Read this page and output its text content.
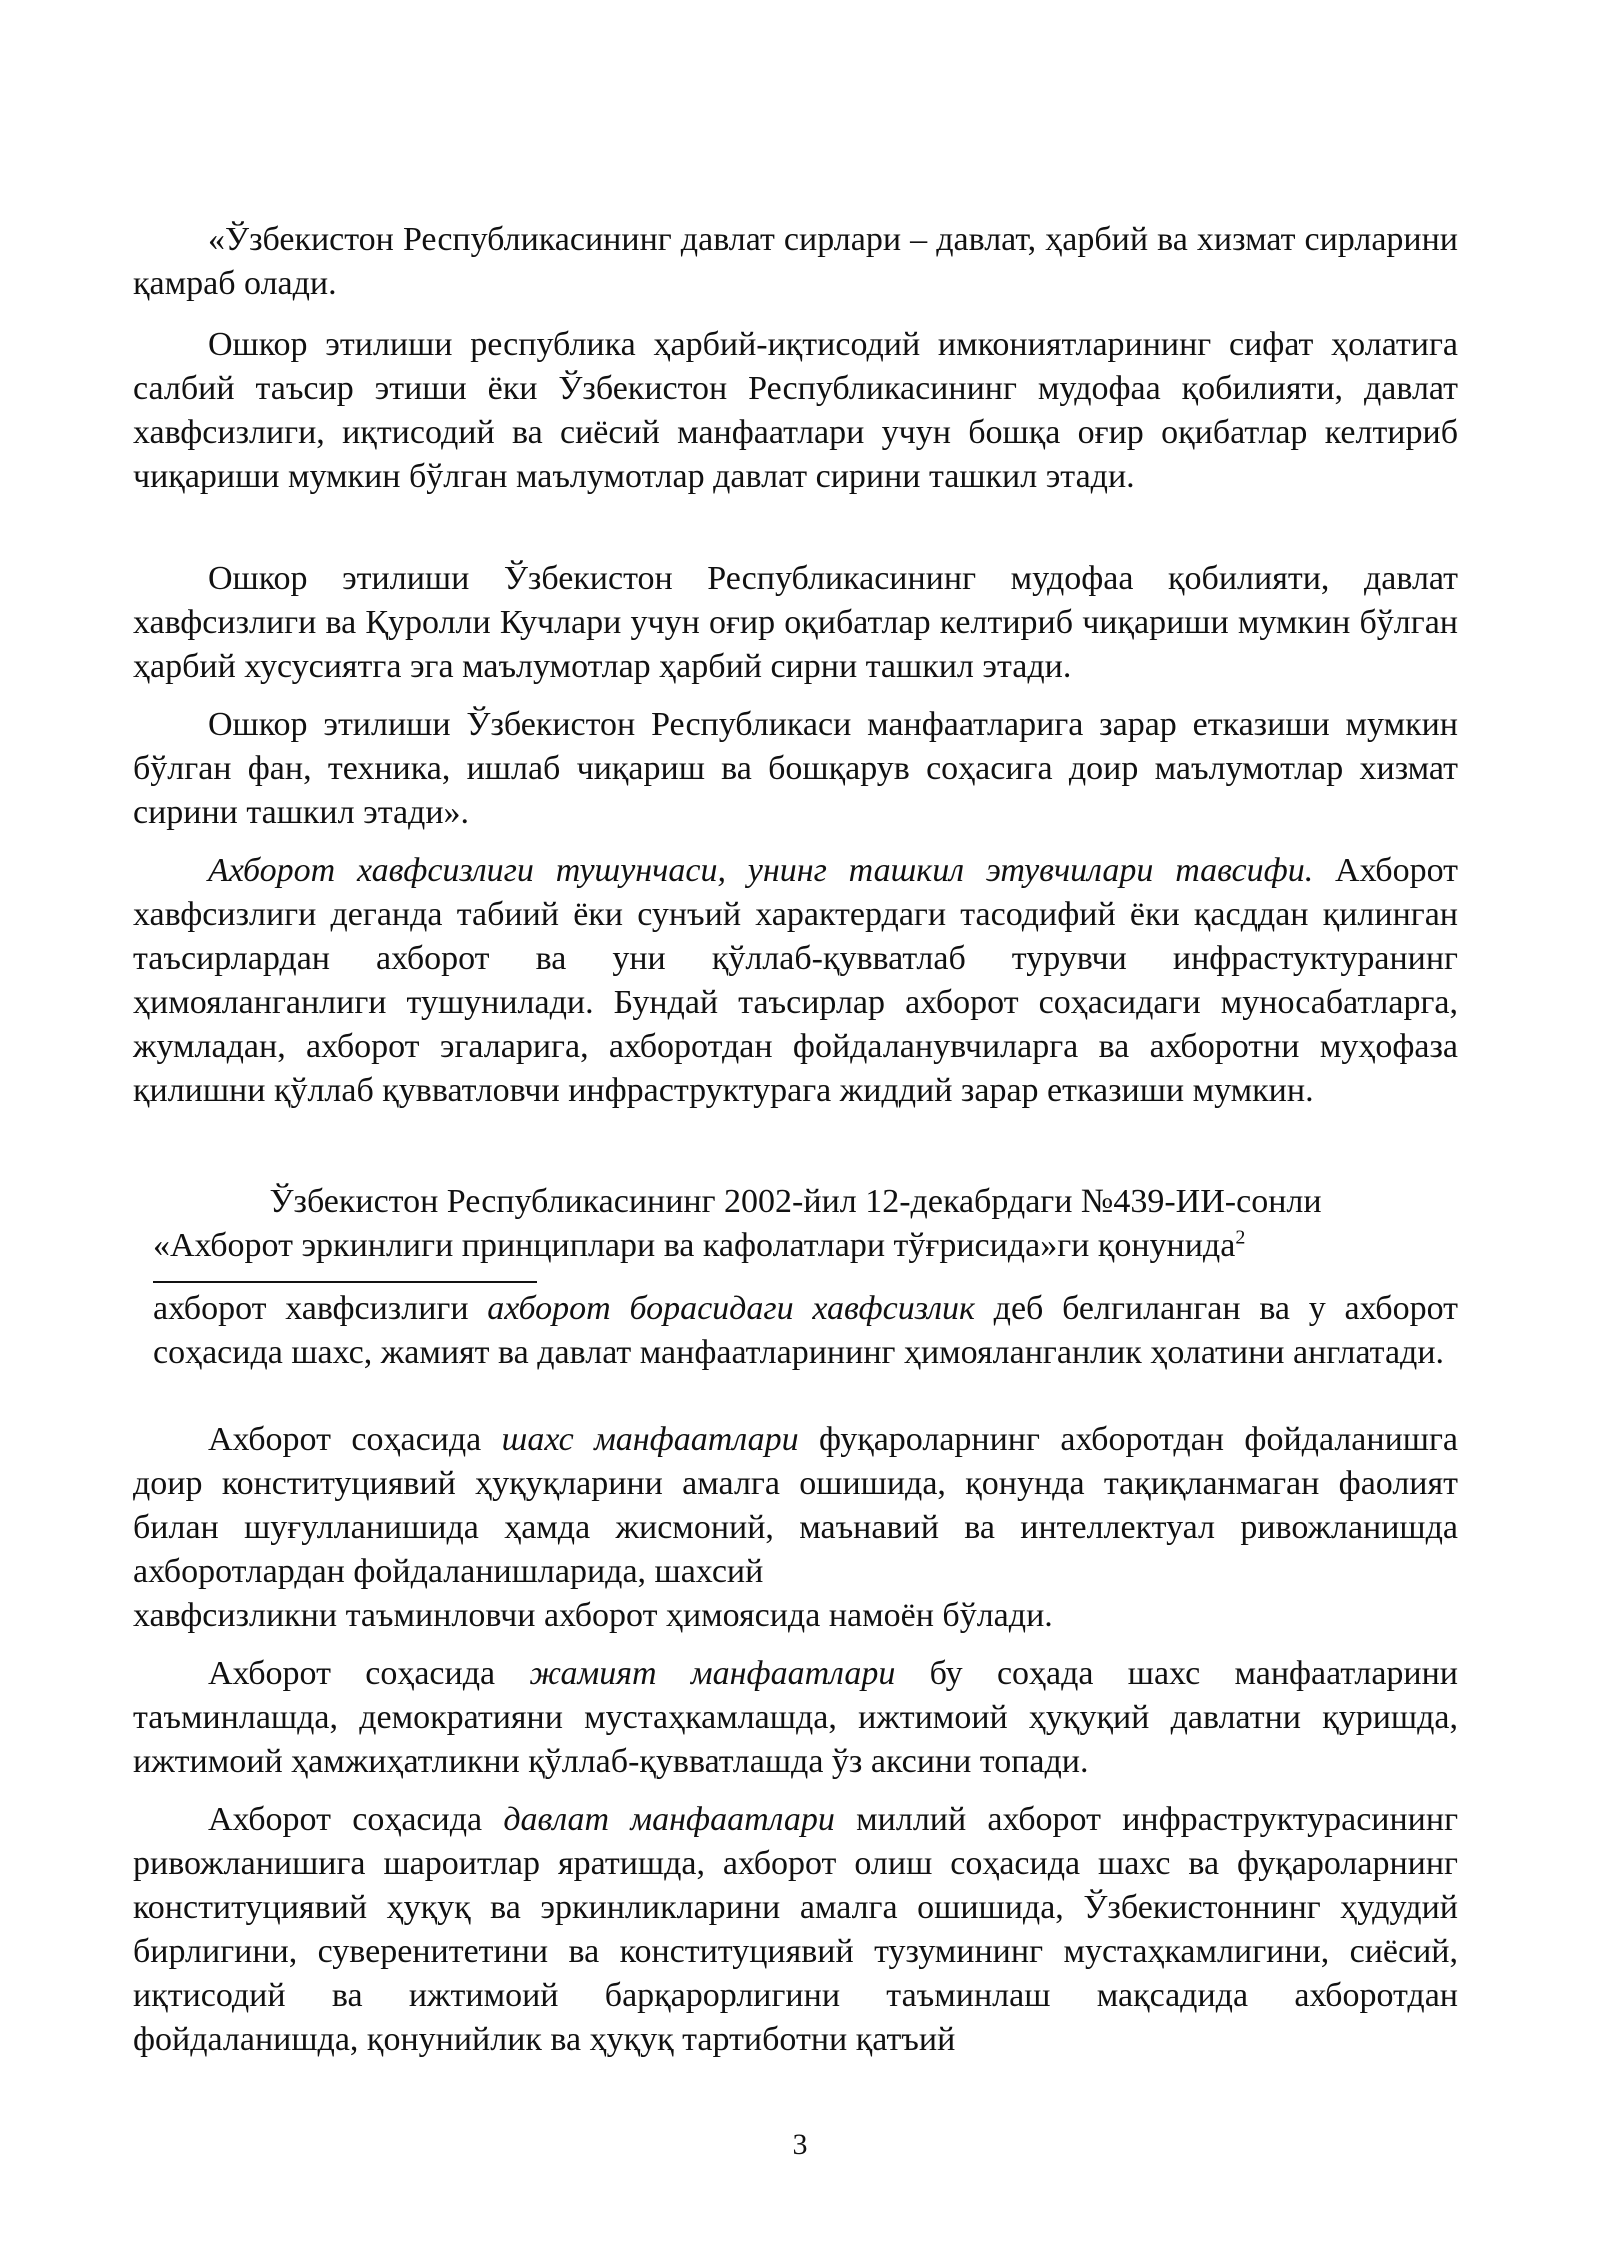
«Ўзбекистон Республикасининг давлат сирлари – давлат, ҳарбий ва хизмат сирларини қамраб олади.

Ошкор этилиши республика ҳарбий-иқтисодий имкониятларининг сифат ҳолатига салбий таъсир этиши ёки Ўзбекистон Республикасининг мудофаа қобилияти, давлат хавфсизлиги, иқтисодий ва сиёсий манфаатлари учун бошқа оғир оқибатлар келтириб чиқариши мумкин бўлган маълумотлар давлат сирини ташкил этади.

Ошкор этилиши Ўзбекистон Республикасининг мудофаа қобилияти, давлат хавфсизлиги ва Қуролли Кучлари учун оғир оқибатлар келтириб чиқариши мумкин бўлган ҳарбий хусусиятга эга маълумотлар ҳарбий сирни ташкил этади.

Ошкор этилиши Ўзбекистон Республикаси манфаатларига зарар етказиши мумкин бўлган фан, техника, ишлаб чиқариш ва бошқарув соҳасига доир маълумотлар хизмат сирини ташкил этади».

Ахборот хавфсизлиги тушунчаси, унинг ташкил этувчилари тавсифи. Ахборот хавфсизлиги деганда табиий ёки сунъий характердаги тасодифий ёки қасддан қилинган таъсирлардан ахборот ва уни қўллаб-қувватлаб турувчи инфрастуктуранинг ҳимояланганлиги тушунилади. Бундай таъсирлар ахборот соҳасидаги муносабатларга, жумладан, ахборот эгаларига, ахборотдан фойдаланувчиларга ва ахборотни муҳофаза қилишни қўллаб қувватловчи инфраструктурага жиддий зарар етказиши мумкин.

Ўзбекистон Республикасининг 2002-йил 12-декабрдаги №439-ИИ-сонли
«Ахборот эркинлиги принциплари ва кафолатлари тўғрисида»ги қонунида$^2$
ахборот хавфсизлиги ахборот борасидаги хавфсизлик деб белгиланган ва у ахборот соҳасида шахс, жамият ва давлат манфаатларининг ҳимояланганлик ҳолатини англатади.

Ахборот соҳасида шахс манфаатлари фуқароларнинг ахборотдан фойдаланишга доир конституциявий ҳуқуқларини амалга ошишида, қонунда тақиқланмаган фаолият билан шуғулланишида ҳамда жисмоний, маънавий ва интеллектуал ривожланишда ахборотлардан фойдаланишларида, шахсий

хавфсизликни таъминловчи ахборот ҳимоясида намоён бўлади.

Ахборот соҳасида жамият манфаатлари бу соҳада шахс манфаатларини таъминлашда, демократияни мустаҳкамлашда, ижтимоий ҳуқуқий давлатни қуришда, ижтимоий ҳамжиҳатликни қўллаб-қувватлашда ўз аксини топади.

Ахборот соҳасида давлат манфаатлари миллий ахборот инфраструктурасининг ривожланишига шароитлар яратишда, ахборот олиш соҳасида шахс ва фуқароларнинг конституциявий ҳуқуқ ва эркинликларини амалга ошишида, Ўзбекистоннинг ҳудудий бирлигини, суверенитетини ва конституциявий тузумининг мустаҳкамлигини, сиёсий, иқтисодий ва ижтимоий барқарорлигини таъминлаш мақсадида ахборотдан фойдаланишда, қонунийлик ва ҳуқуқ тартиботни қатъий

3
